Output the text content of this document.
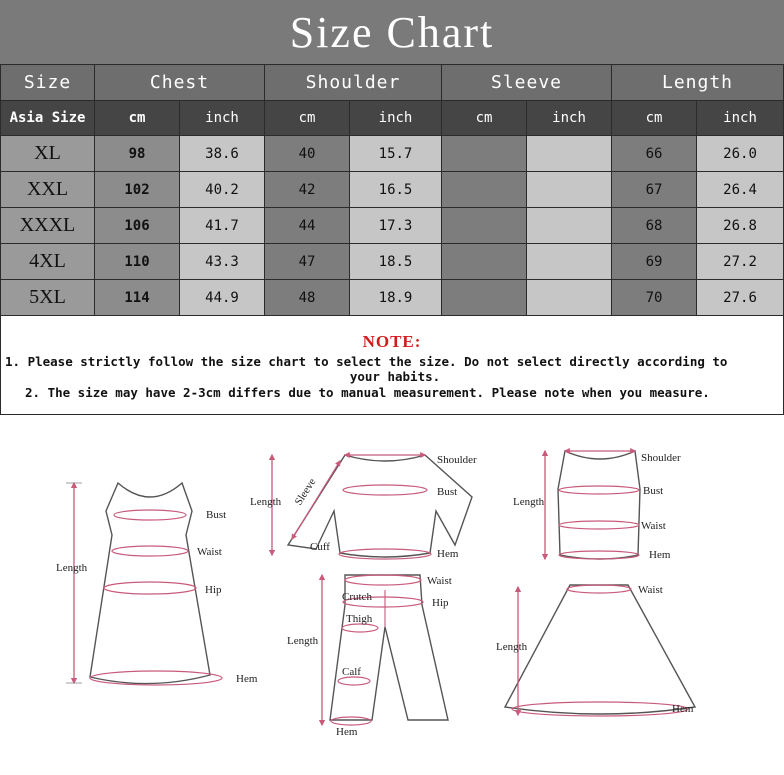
Size Chart
Size	Chest		Shoulder		Sleeve		Length	
Asia Size	cm	inch	cm	inch	cm	inch	cm	inch
XL	98	38.6	40	15.7			66	26.0
XXL	102	40.2	42	16.5			67	26.4
XXXL	106	41.7	44	17.3			68	26.8
4XL	110	43.3	47	18.5			69	27.2
5XL	114	44.9	48	18.9			70	27.6
NOTE:

1. Please strictly follow the size chart to select the size. Do not select directly according to

your habits.

2. The size may have 2-3cm differs due to manual measurement. Please note when you measure.

Length
Bust
Waist
Hip
Hem
Length Sleeve
Shoulder
Bust
Cuff
Hem
Length
Shoulder
Bust
Waist
Hem
Length
Waist
Hip
Crutch
Thigh
Calf
Hem
Length
Waist
Hem
